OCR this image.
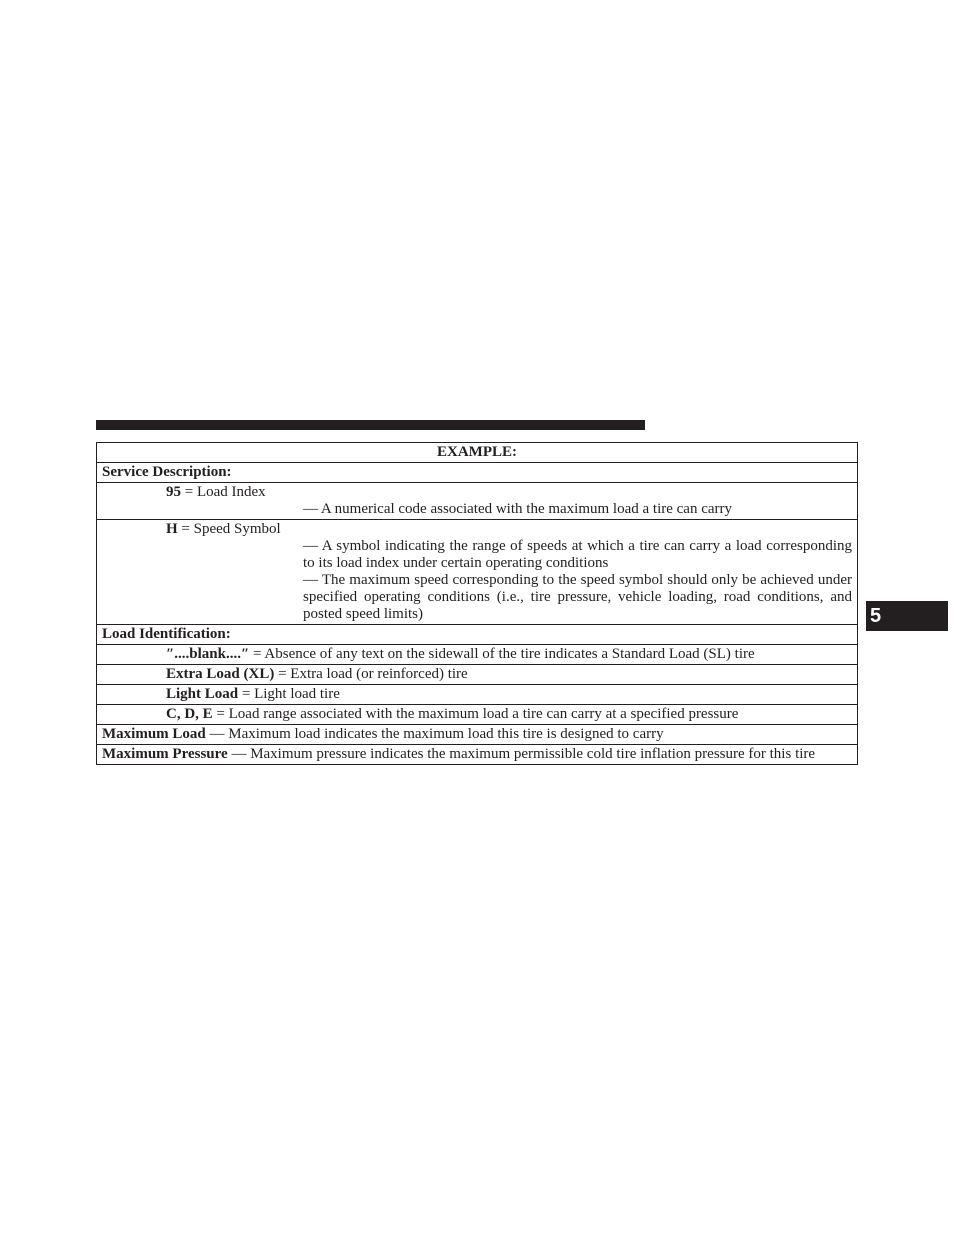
5
EXAMPLE:
Service Description:

95 = Load Index
— A numerical code associated with the maximum load a tire can carry

H = Speed Symbol
— A symbol indicating the range of speeds at which a tire can carry a load corresponding to its load index under certain operating conditions
— The maximum speed corresponding to the speed symbol should only be achieved under specified operating conditions (i.e., tire pressure, vehicle loading, road conditions, and posted speed limits)

Load Identification:
″....blank....″ = Absence of any text on the sidewall of the tire indicates a Standard Load (SL) tire
Extra Load (XL) = Extra load (or reinforced) tire
Light Load = Light load tire
C, D, E = Load range associated with the maximum load a tire can carry at a specified pressure
Maximum Load — Maximum load indicates the maximum load this tire is designed to carry
Maximum Pressure — Maximum pressure indicates the maximum permissible cold tire inflation pressure for this tire
